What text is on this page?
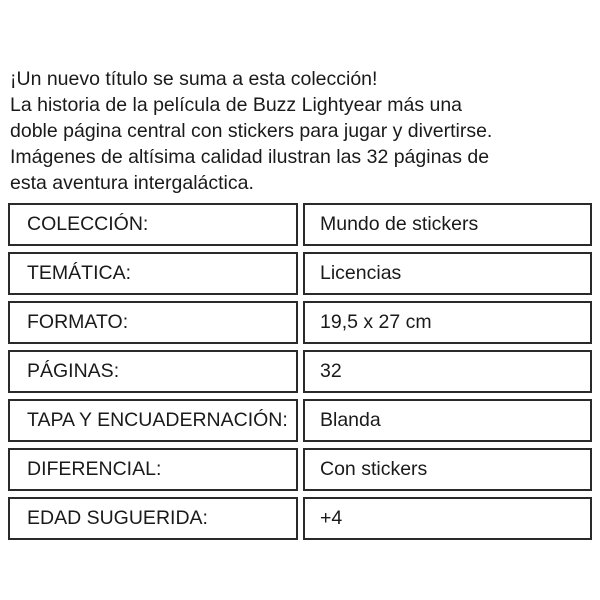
¡Un nuevo título se suma a esta colección!
La historia de la película de Buzz Lightyear más una
doble página central con stickers para jugar y divertirse.
Imágenes de altísima calidad ilustran las 32 páginas de
esta aventura intergaláctica.

COLECCIÓN:	Mundo de stickers
TEMÁTICA:	Licencias
FORMATO:	19,5 x 27 cm
PÁGINAS:	32
TAPA Y ENCUADERNACIÓN:	Blanda
DIFERENCIAL:	Con stickers
EDAD SUGUERIDA:	+4
